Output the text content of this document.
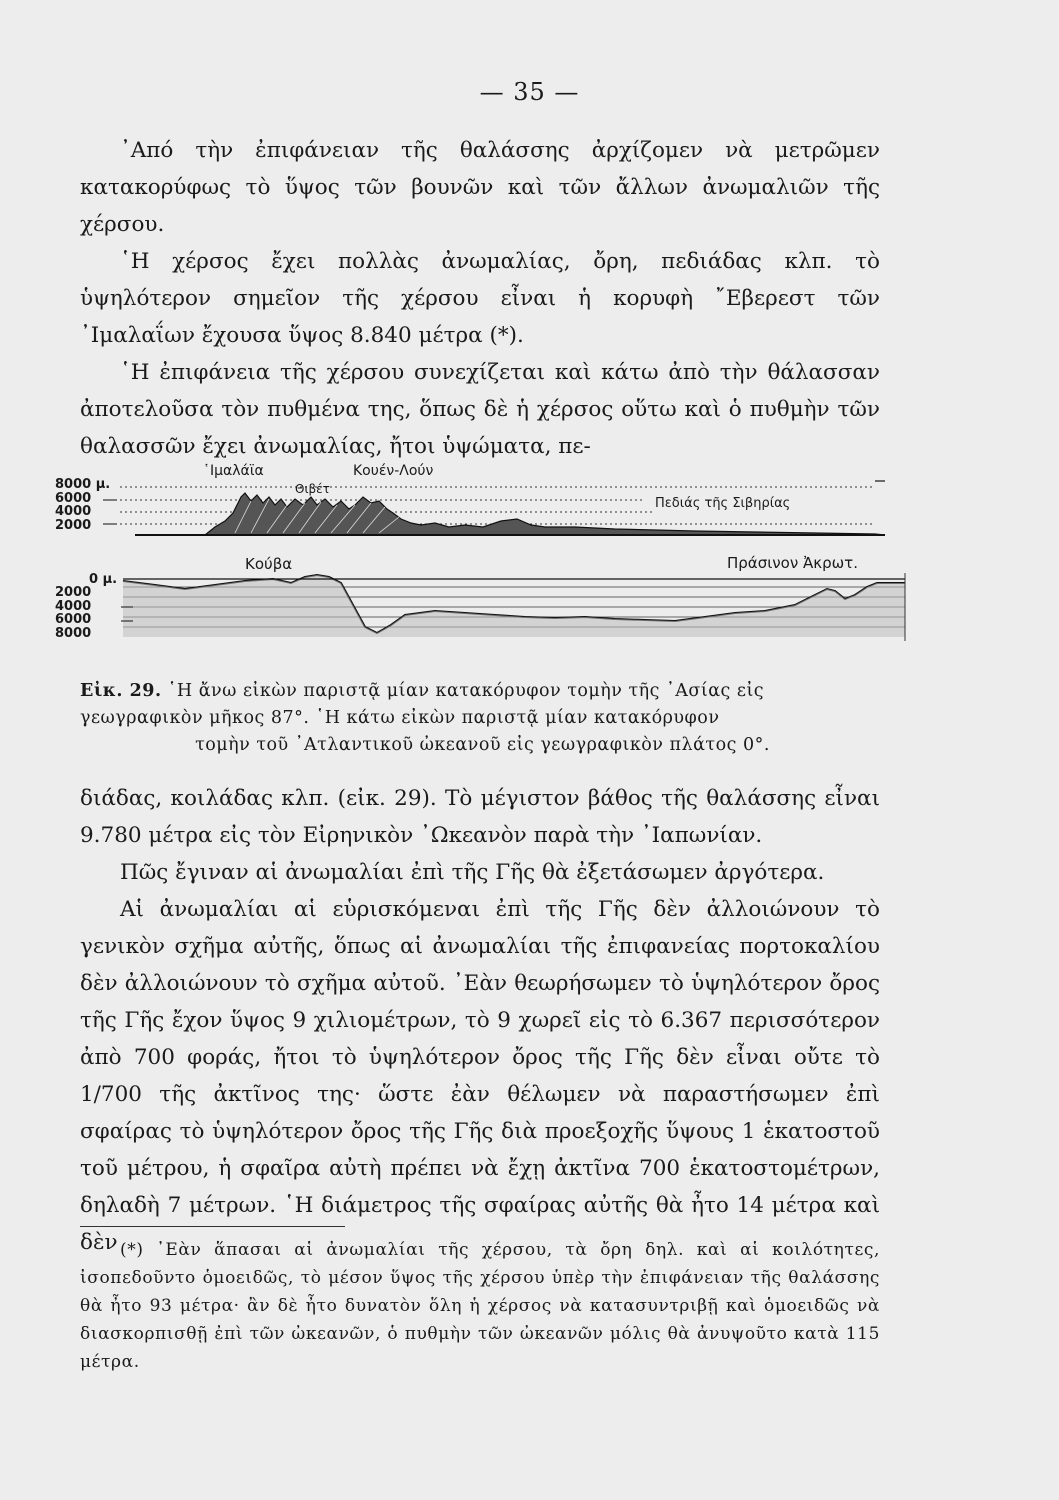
— 35 —

᾿Από τὴν ἐπιφάνειαν τῆς θαλάσσης ἀρχίζομεν νὰ μετρῶμεν κατακορύφως τὸ ὕψος τῶν βουνῶν καὶ τῶν ἄλλων ἀνωμαλιῶν τῆς χέρσου.

῾Η χέρσος ἔχει πολλὰς ἀνωμαλίας, ὄρη, πεδιάδας κλπ. τὸ ὑψηλότερον σημεῖον τῆς χέρσου εἶναι ἡ κορυφὴ ῎Εβερεστ τῶν ᾿Ιμαλαΐων ἔχουσα ὕψος 8.840 μέτρα (*).

῾Η ἐπιφάνεια τῆς χέρσου συνεχίζεται καὶ κάτω ἀπὸ τὴν θάλασσαν ἀποτελοῦσα τὸν πυθμένα της, ὅπως δὲ ἡ χέρσος οὕτω καὶ ὁ πυθμὴν τῶν θαλασσῶν ἔχει ἀνωμαλίας, ἤτοι ὑψώματα, πε-

8000 μ.
6000
4000
2000
῾Ιμαλάϊα	Κουέν-Λούν
Θιβέτ
Πεδιάς τῆς Σιβηρίας
0 μ.
2000
4000
6000
8000
Κούβα	Πράσινον Ἀκρωτ.
Εἰκ. 29. ῾Η ἄνω εἰκὼν παριστᾷ μίαν κατακόρυφον τομὴν τῆς ᾿Ασίας εἰς
γεωγραφικὸν μῆκος 87°. ῾Η κάτω εἰκὼν παριστᾷ μίαν κατακόρυφον

τομὴν τοῦ ᾿Ατλαντικοῦ ὠκεανοῦ εἰς γεωγραφικὸν πλάτος 0°.

διάδας, κοιλάδας κλπ. (εἰκ. 29). Τὸ μέγιστον βάθος τῆς θαλάσσης εἶναι 9.780 μέτρα εἰς τὸν Εἰρηνικὸν ᾿Ωκεανὸν παρὰ τὴν ᾿Ιαπωνίαν.

Πῶς ἔγιναν αἱ ἀνωμαλίαι ἐπὶ τῆς Γῆς θὰ ἐξετάσωμεν ἀργότερα.

Αἱ ἀνωμαλίαι αἱ εὑρισκόμεναι ἐπὶ τῆς Γῆς δὲν ἀλλοιώνουν τὸ γενικὸν σχῆμα αὐτῆς, ὅπως αἱ ἀνωμαλίαι τῆς ἐπιφανείας πορτοκαλίου δὲν ἀλλοιώνουν τὸ σχῆμα αὐτοῦ. ᾿Εὰν θεωρήσωμεν τὸ ὑψηλότερον ὄρος τῆς Γῆς ἔχον ὕψος 9 χιλιομέτρων, τὸ 9 χωρεῖ εἰς τὸ 6.367 περισσότερον ἀπὸ 700 φοράς, ἤτοι τὸ ὑψηλότερον ὄρος τῆς Γῆς δὲν εἶναι οὔτε τὸ 1/700 τῆς ἀκτῖνος της· ὥστε ἐὰν θέλωμεν νὰ παραστήσωμεν ἐπὶ σφαίρας τὸ ὑψηλότερον ὄρος τῆς Γῆς διὰ προεξοχῆς ὕψους 1 ἑκατοστοῦ τοῦ μέτρου, ἡ σφαῖρα αὐτὴ πρέπει νὰ ἔχῃ ἀκτῖνα 700 ἑκατοστομέτρων, δηλαδὴ 7 μέτρων. ῾Η διάμετρος τῆς σφαίρας αὐτῆς θὰ ἦτο 14 μέτρα καὶ δὲν (*) ᾿Εὰν ἅπασαι αἱ ἀνωμαλίαι τῆς χέρσου, τὰ ὄρη δηλ. καὶ αἱ κοιλότητες, ἰσοπεδοῦντο ὁμοειδῶς, τὸ μέσον ὕψος τῆς χέρσου ὑπὲρ τὴν ἐπιφάνειαν τῆς θαλάσσης θὰ ἦτο 93 μέτρα· ἂν δὲ ἦτο δυνατὸν ὅλη ἡ χέρσος νὰ κατασυντριβῇ καὶ ὁμοειδῶς νὰ διασκορπισθῇ ἐπὶ τῶν ὠκεανῶν, ὁ πυθμὴν τῶν ὠκεανῶν μόλις θὰ ἀνυψοῦτο κατὰ 115 μέτρα.
